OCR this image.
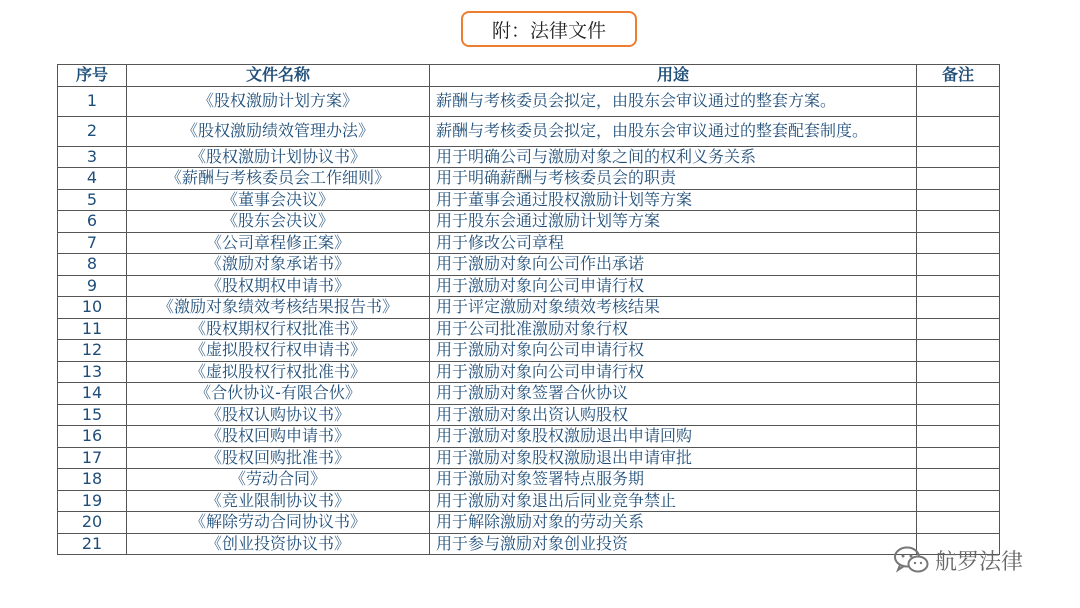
附：法律文件
序号	文件名称	用途	备注
1	《股权激励计划方案》	薪酬与考核委员会拟定，由股东会审议通过的整套方案。	
2	《股权激励绩效管理办法》	薪酬与考核委员会拟定，由股东会审议通过的整套配套制度。	
3	《股权激励计划协议书》	用于明确公司与激励对象之间的权利义务关系	
4	《薪酬与考核委员会工作细则》	用于明确薪酬与考核委员会的职责	
5	《董事会决议》	用于董事会通过股权激励计划等方案	
6	《股东会决议》	用于股东会通过激励计划等方案	
7	《公司章程修正案》	用于修改公司章程	
8	《激励对象承诺书》	用于激励对象向公司作出承诺	
9	《股权期权申请书》	用于激励对象向公司申请行权	
10	《激励对象绩效考核结果报告书》	用于评定激励对象绩效考核结果	
11	《股权期权行权批准书》	用于公司批准激励对象行权	
12	《虚拟股权行权申请书》	用于激励对象向公司申请行权	
13	《虚拟股权行权批准书》	用于激励对象向公司申请行权	
14	《合伙协议-有限合伙》	用于激励对象签署合伙协议	
15	《股权认购协议书》	用于激励对象出资认购股权	
16	《股权回购申请书》	用于激励对象股权激励退出申请回购	
17	《股权回购批准书》	用于激励对象股权激励退出申请审批	
18	《劳动合同》	用于激励对象签署特点服务期	
19	《竞业限制协议书》	用于激励对象退出后同业竞争禁止	
20	《解除劳动合同协议书》	用于解除激励对象的劳动关系	
21	《创业投资协议书》	用于参与激励对象创业投资	
航罗法律
